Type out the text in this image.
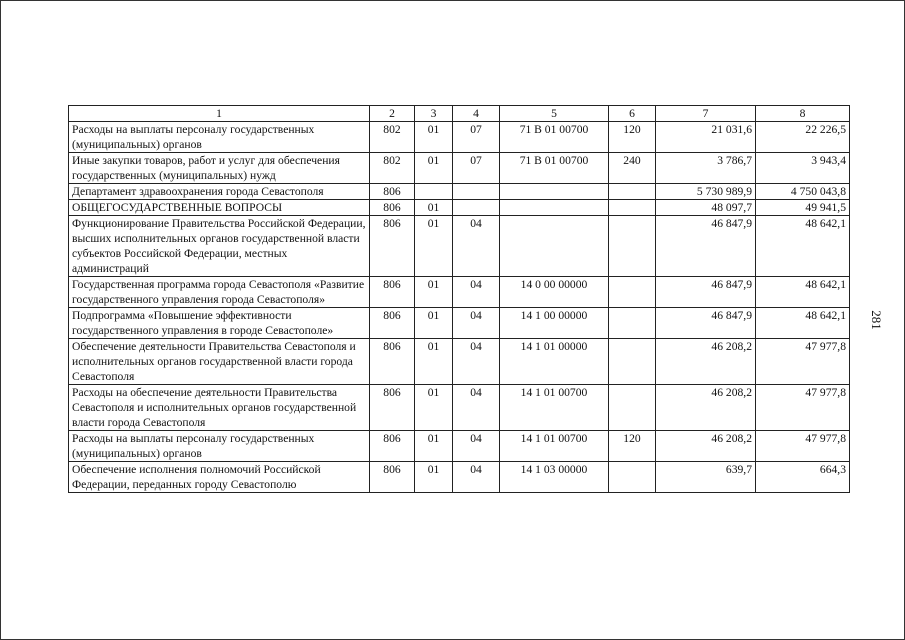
1	2	3	4	5	6	7	8
Расходы на выплаты персоналу государственных (муниципальных) органов	802	01	07	71 В 01 00700	120	21 031,6	22 226,5
Иные закупки товаров, работ и услуг для обеспечения государственных (муниципальных) нужд	802	01	07	71 В 01 00700	240	3 786,7	3 943,4
Департамент здравоохранения города Севастополя	806					5 730 989,9	4 750 043,8
ОБЩЕГОСУДАРСТВЕННЫЕ ВОПРОСЫ	806	01				48 097,7	49 941,5
Функционирование Правительства Российской Федерации, высших исполнительных органов государственной власти субъектов Российской Федерации, местных администраций	806	01	04			46 847,9	48 642,1
Государственная программа города Севастополя «Развитие государственного управления города Севастополя»	806	01	04	14 0 00 00000		46 847,9	48 642,1
Подпрограмма «Повышение эффективности государственного управления в городе Севастополе»	806	01	04	14 1 00 00000		46 847,9	48 642,1
Обеспечение деятельности Правительства Севастополя и исполнительных органов государственной власти города Севастополя	806	01	04	14 1 01 00000		46 208,2	47 977,8
Расходы на обеспечение деятельности Правительства Севастополя и исполнительных органов государственной власти города Севастополя	806	01	04	14 1 01 00700		46 208,2	47 977,8
Расходы на выплаты персоналу государственных (муниципальных) органов	806	01	04	14 1 01 00700	120	46 208,2	47 977,8
Обеспечение исполнения полномочий Российской Федерации, переданных городу Севастополю	806	01	04	14 1 03 00000		639,7	664,3
281
